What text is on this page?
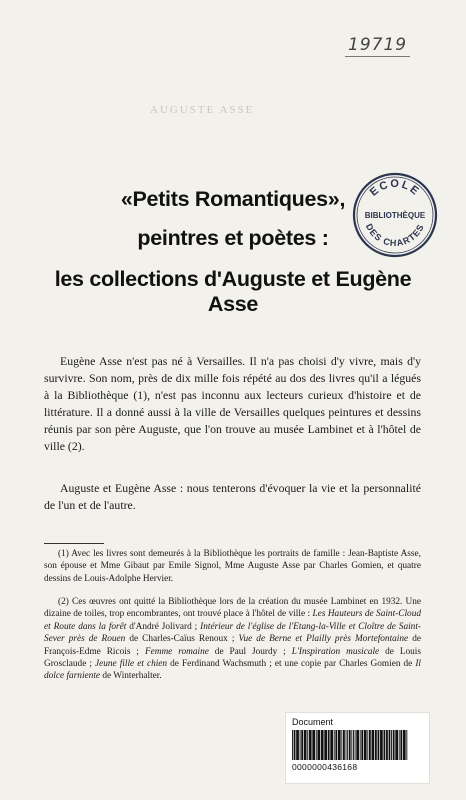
19719
AUGUSTE ASSE
ECOLE
BIBLIOTHÈQUE
DES CHARTES
«Petits Romantiques»,
peintres et poètes :
les collections d'Auguste et Eugène Asse

Eugène Asse n'est pas né à Versailles. Il n'a pas choisi d'y vivre, mais d'y survivre. Son nom, près de dix mille fois répété au dos des livres qu'il a légués à la Bibliothèque (1), n'est pas inconnu aux lecteurs curieux d'histoire et de littérature. Il a donné aussi à la ville de Versailles quelques peintures et dessins réunis par son père Auguste, que l'on trouve au musée Lambinet et à l'hôtel de ville (2).

Auguste et Eugène Asse : nous tenterons d'évoquer la vie et la personnalité de l'un et de l'autre.

(1) Avec les livres sont demeurés à la Bibliothèque les portraits de famille : Jean-Baptiste Asse, son épouse et Mme Gibaut par Emile Signol, Mme Auguste Asse par Charles Gomien, et quatre dessins de Louis-Adolphe Hervier.

(2) Ces œuvres ont quitté la Bibliothèque lors de la création du musée Lambinet en 1932. Une dizaine de toiles, trop encombrantes, ont trouvé place à l'hôtel de ville : Les Hauteurs de Saint-Cloud et Route dans la forêt d'André Jolivard ; Intérieur de l'église de l'Etang-la-Ville et Cloître de Saint-Sever près de Rouen de Charles-Caïus Renoux ; Vue de Berne et Plailly près Mortefontaine de François-Edme Ricois ; Femme romaine de Paul Jourdy ; L'Inspiration musicale de Louis Grosclaude ; Jeune fille et chien de Ferdinand Wachsmuth ; et une copie par Charles Gomien de Il dolce farniente de Winterhalter.

Document
0000000436168
